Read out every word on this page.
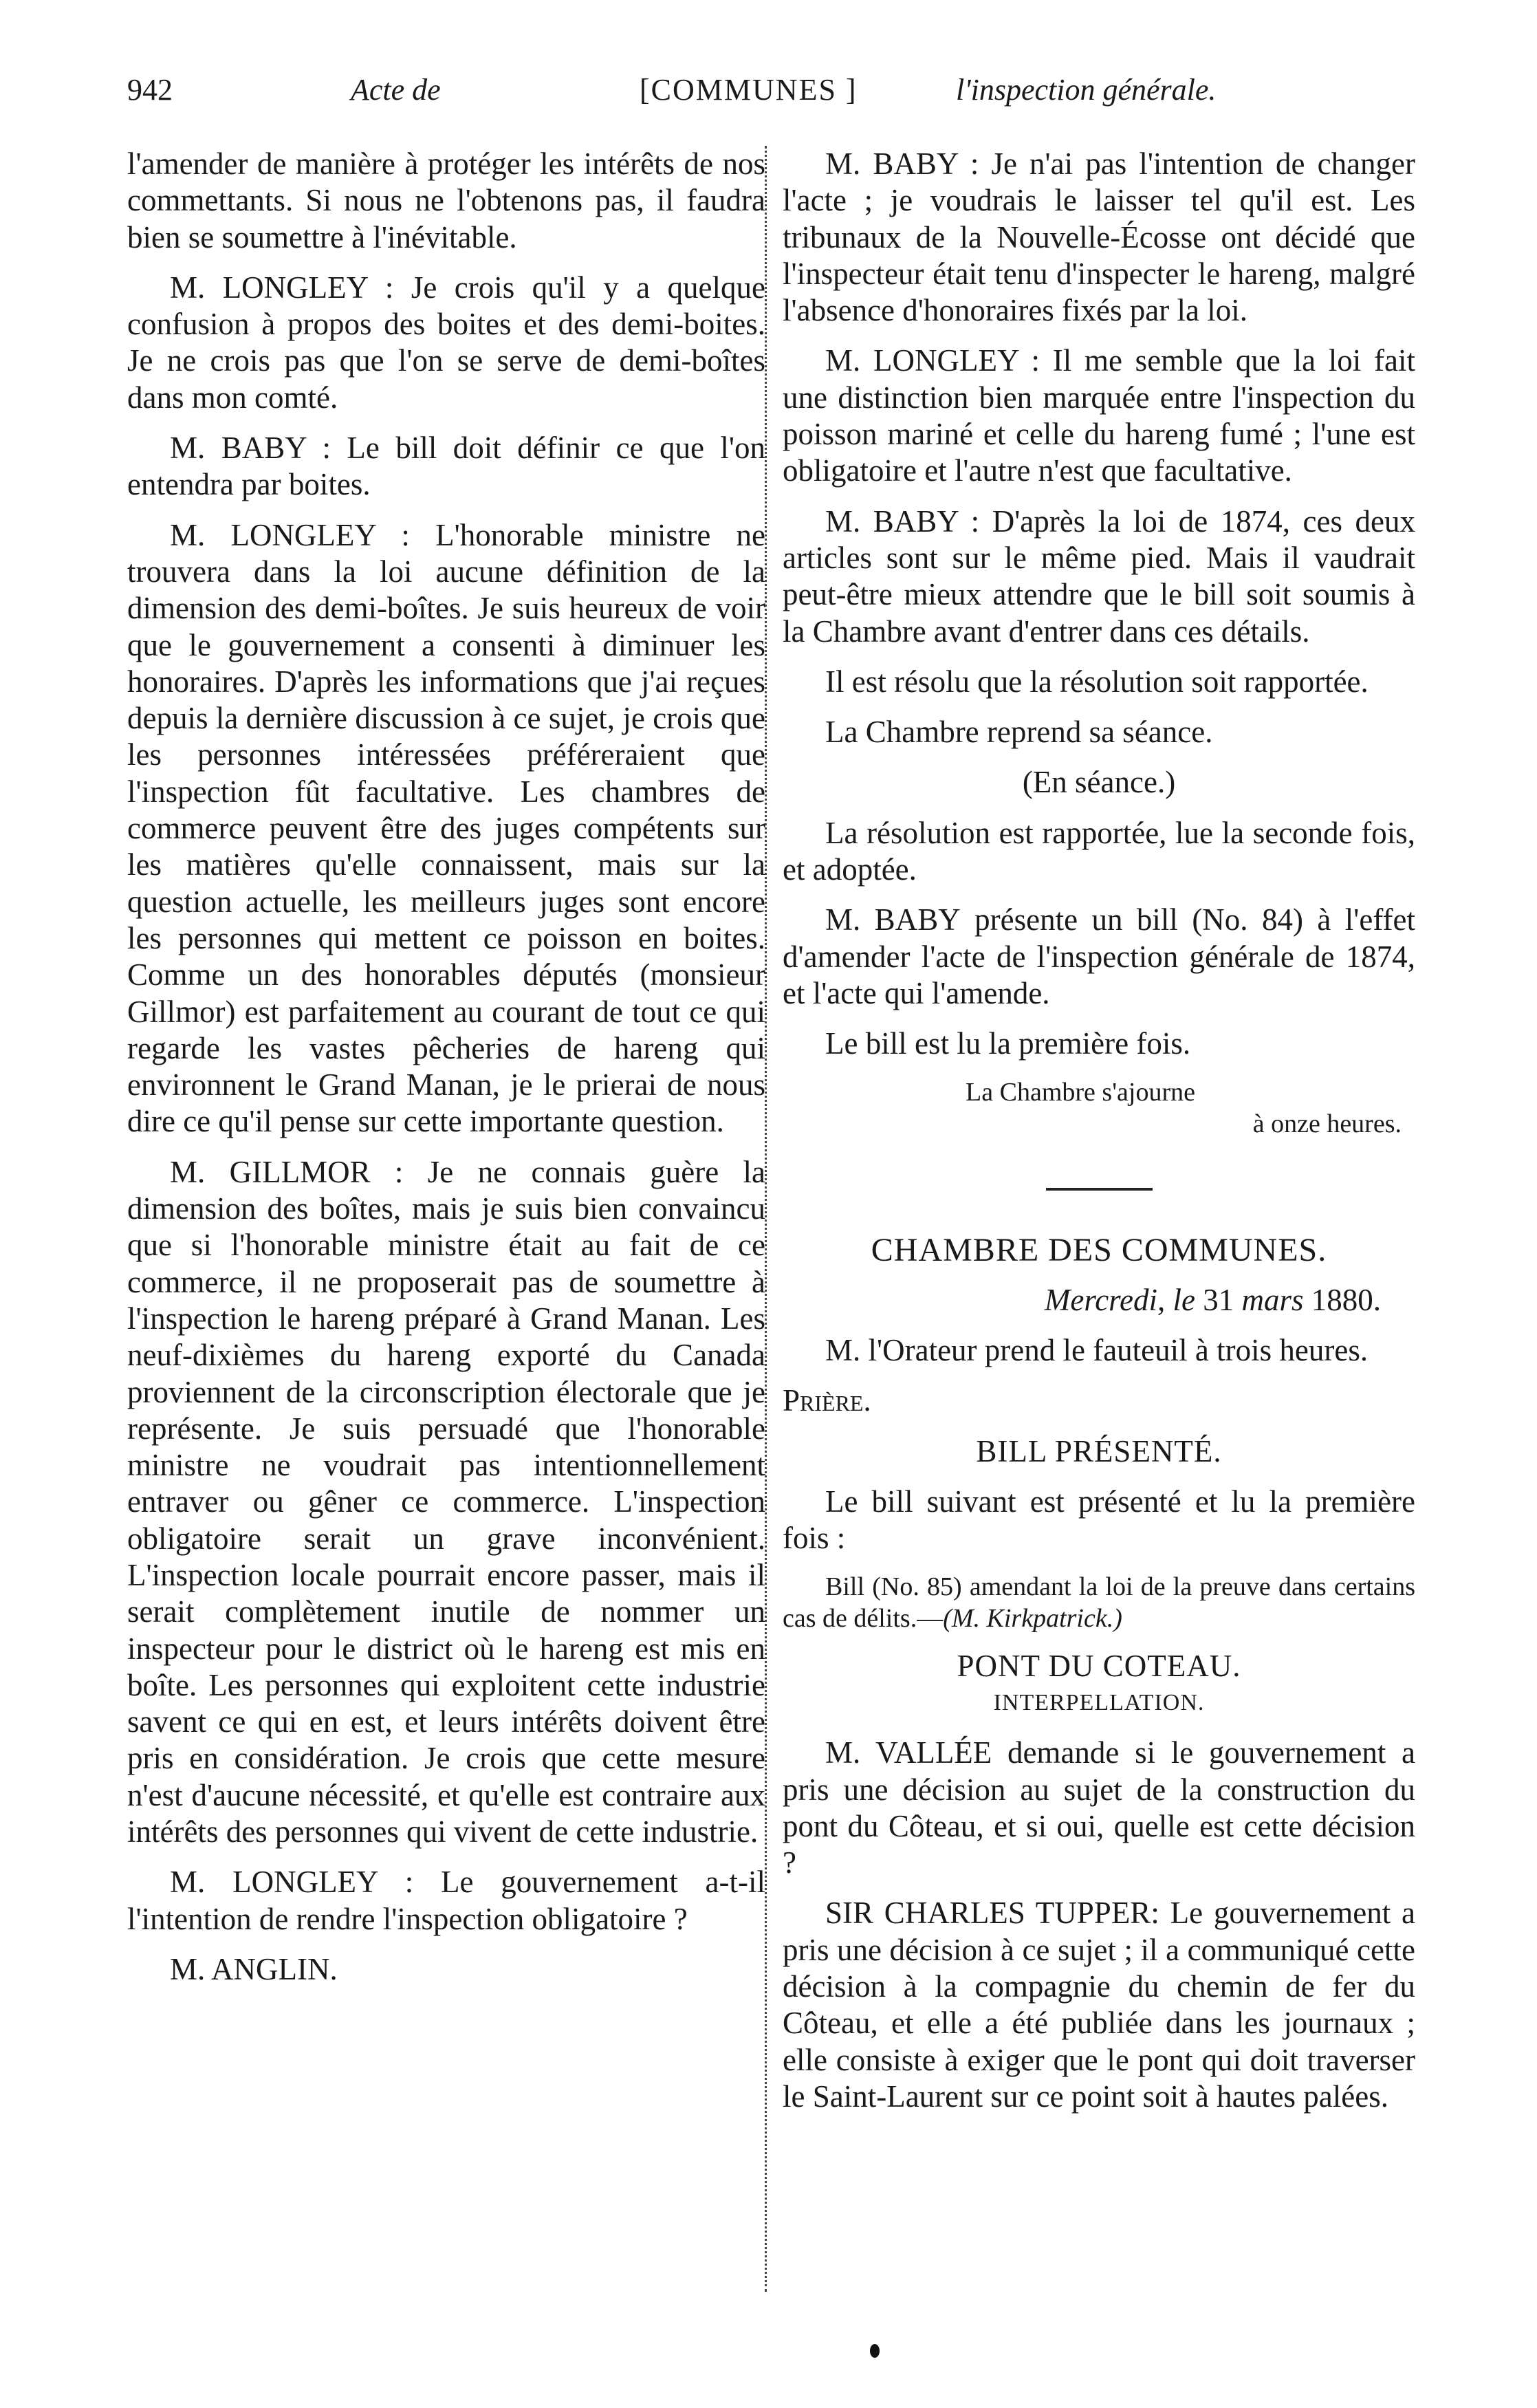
942	Acte de	[COMMUNES ]	l'inspection générale.

l'amender de manière à protéger les intérêts de nos commettants. Si nous ne l'obtenons pas, il faudra bien se soumettre à l'inévitable.

M. LONGLEY : Je crois qu'il y a quelque confusion à propos des boites et des demi-boites. Je ne crois pas que l'on se serve de demi-boîtes dans mon comté.

M. BABY : Le bill doit définir ce que l'on entendra par boites.

M. LONGLEY : L'honorable ministre ne trouvera dans la loi aucune définition de la dimension des demi-boîtes. Je suis heureux de voir que le gouvernement a consenti à diminuer les honoraires. D'après les informations que j'ai reçues depuis la dernière discussion à ce sujet, je crois que les personnes intéressées préféreraient que l'inspection fût facultative. Les chambres de commerce peuvent être des juges compétents sur les matières qu'elle connaissent, mais sur la question actuelle, les meilleurs juges sont encore les personnes qui mettent ce poisson en boites. Comme un des honorables députés (monsieur Gillmor) est parfaitement au courant de tout ce qui regarde les vastes pêcheries de hareng qui environnent le Grand Manan, je le prierai de nous dire ce qu'il pense sur cette importante question.

M. GILLMOR : Je ne connais guère la dimension des boîtes, mais je suis bien convaincu que si l'honorable ministre était au fait de ce commerce, il ne proposerait pas de soumettre à l'inspection le hareng préparé à Grand Manan. Les neuf-dixièmes du hareng exporté du Canada proviennent de la circonscription électorale que je représente. Je suis persuadé que l'honorable ministre ne voudrait pas intentionnellement entraver ou gêner ce commerce. L'inspection obligatoire serait un grave inconvénient. L'inspection locale pourrait encore passer, mais il serait complètement inutile de nommer un inspecteur pour le district où le hareng est mis en boîte. Les personnes qui exploitent cette industrie savent ce qui en est, et leurs intérêts doivent être pris en considération. Je crois que cette mesure n'est d'aucune nécessité, et qu'elle est contraire aux intérêts des personnes qui vivent de cette industrie.

M. LONGLEY : Le gouvernement a-t-il l'intention de rendre l'inspection obligatoire ?

M. ANGLIN.

M. BABY : Je n'ai pas l'intention de changer l'acte ; je voudrais le laisser tel qu'il est. Les tribunaux de la Nouvelle-Écosse ont décidé que l'inspecteur était tenu d'inspecter le hareng, malgré l'absence d'honoraires fixés par la loi.

M. LONGLEY : Il me semble que la loi fait une distinction bien marquée entre l'inspection du poisson mariné et celle du hareng fumé ; l'une est obligatoire et l'autre n'est que facultative.

M. BABY : D'après la loi de 1874, ces deux articles sont sur le même pied. Mais il vaudrait peut-être mieux attendre que le bill soit soumis à la Chambre avant d'entrer dans ces détails.

Il est résolu que la résolution soit rapportée.

La Chambre reprend sa séance.

(En séance.)

La résolution est rapportée, lue la seconde fois, et adoptée.

M. BABY présente un bill (No. 84) à l'effet d'amender l'acte de l'inspection générale de 1874, et l'acte qui l'amende.

Le bill est lu la première fois.

La Chambre s'ajourne

à onze heures.

CHAMBRE DES COMMUNES.

Mercredi, le 31 mars 1880.

M. l'Orateur prend le fauteuil à trois heures.

Prière.

BILL PRÉSENTÉ.

Le bill suivant est présenté et lu la première fois :

Bill (No. 85) amendant la loi de la preuve dans certains cas de délits.—(M. Kirkpatrick.)

PONT DU COTEAU.

INTERPELLATION.

M. VALLÉE demande si le gouvernement a pris une décision au sujet de la construction du pont du Côteau, et si oui, quelle est cette décision ?

SIR CHARLES TUPPER: Le gouvernement a pris une décision à ce sujet ; il a communiqué cette décision à la compagnie du chemin de fer du Côteau, et elle a été publiée dans les journaux ; elle consiste à exiger que le pont qui doit traverser le Saint-Laurent sur ce point soit à hautes palées.
